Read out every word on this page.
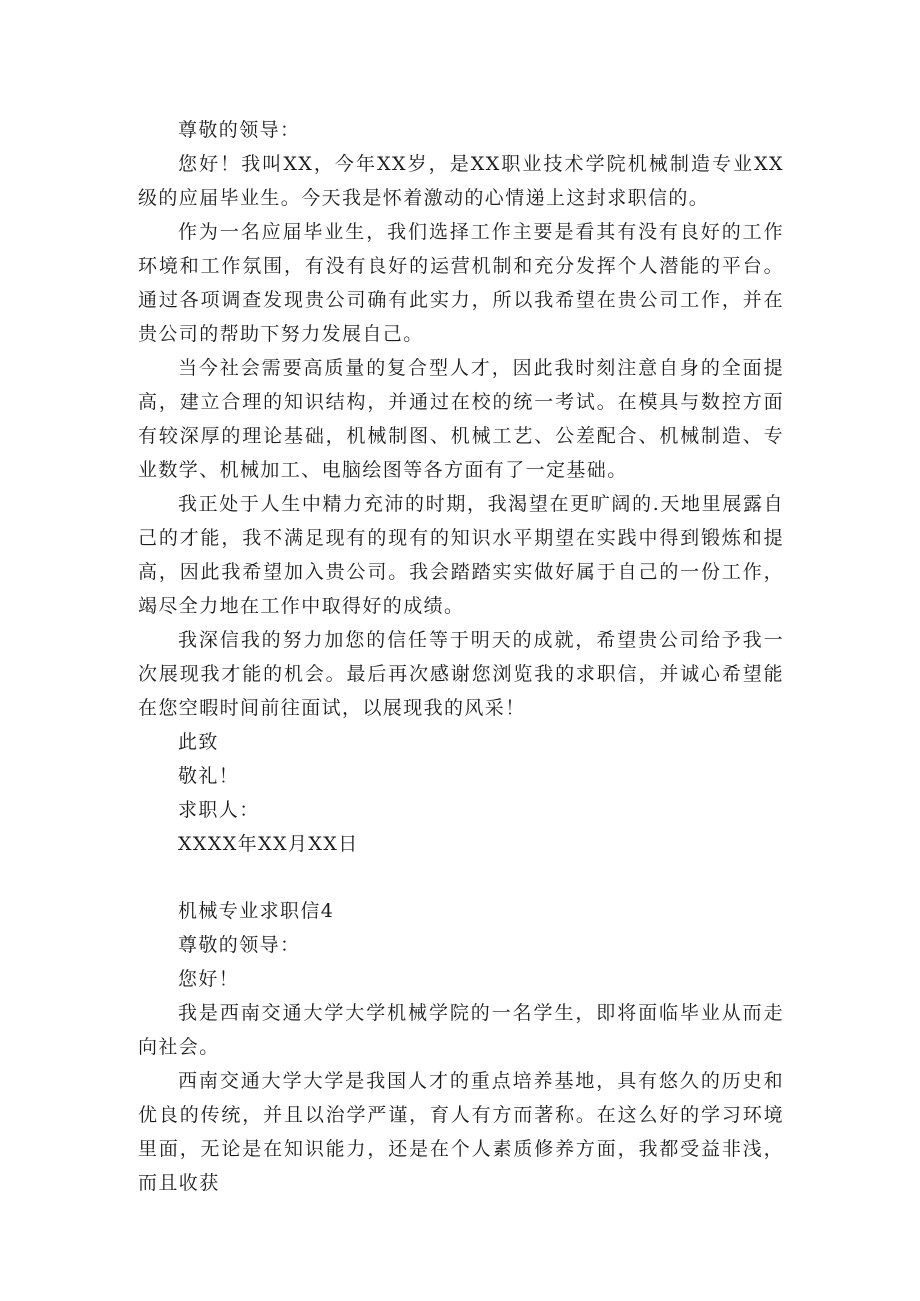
尊敬的领导：

您好！我叫XX，今年XX岁，是XX职业技术学院机械制造专业XX级的应届毕业生。今天我是怀着激动的心情递上这封求职信的。

作为一名应届毕业生，我们选择工作主要是看其有没有良好的工作环境和工作氛围，有没有良好的运营机制和充分发挥个人潜能的平台。通过各项调查发现贵公司确有此实力，所以我希望在贵公司工作，并在贵公司的帮助下努力发展自己。

当今社会需要高质量的复合型人才，因此我时刻注意自身的全面提高，建立合理的知识结构，并通过在校的统一考试。在模具与数控方面有较深厚的理论基础，机械制图、机械工艺、公差配合、机械制造、专业数学、机械加工、电脑绘图等各方面有了一定基础。

我正处于人生中精力充沛的时期，我渴望在更旷阔的.天地里展露自己的才能，我不满足现有的现有的知识水平期望在实践中得到锻炼和提高，因此我希望加入贵公司。我会踏踏实实做好属于自己的一份工作，竭尽全力地在工作中取得好的成绩。

我深信我的努力加您的信任等于明天的成就，希望贵公司给予我一次展现我才能的机会。最后再次感谢您浏览我的求职信，并诚心希望能在您空暇时间前往面试，以展现我的风采！

此致

敬礼！

求职人：

XXXX年XX月XX日

机械专业求职信4

尊敬的领导：

您好！

我是西南交通大学大学机械学院的一名学生，即将面临毕业从而走向社会。

西南交通大学大学是我国人才的重点培养基地，具有悠久的历史和优良的传统，并且以治学严谨，育人有方而著称。在这么好的学习环境里面，无论是在知识能力，还是在个人素质修养方面，我都受益非浅，而且收获
